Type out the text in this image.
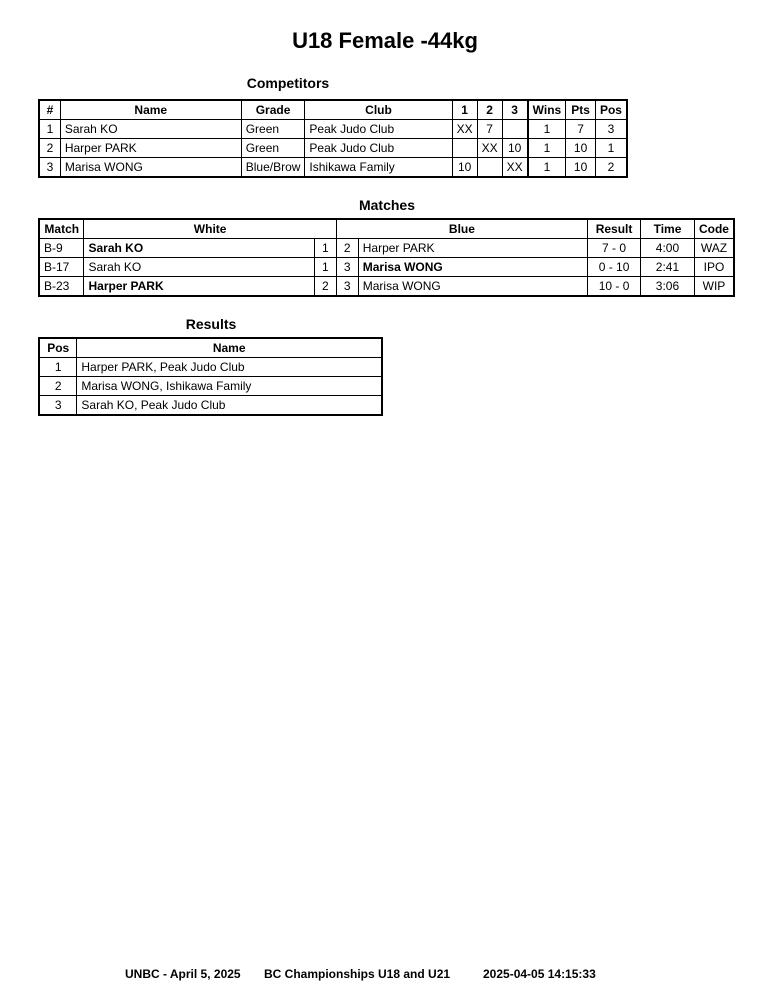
U18 Female -44kg
Competitors
#	Name	Grade	Club	1	2	3	Wins	Pts	Pos
1	Sarah KO	Green	Peak Judo Club	XX	7		1	7	3
2	Harper PARK	Green	Peak Judo Club		XX	10	1	10	1
3	Marisa WONG	Blue/Brow	Ishikawa Family	10		XX	1	10	2
Matches
Match	White		Blue		Result	Time	Code
B-9	Sarah KO	1	2	Harper PARK	7 - 0	4:00	WAZ
B-17	Sarah KO	1	3	Marisa WONG	0 - 10	2:41	IPO
B-23	Harper PARK	2	3	Marisa WONG	10 - 0	3:06	WIP
Results
Pos	Name
1	Harper PARK, Peak Judo Club
2	Marisa WONG, Ishikawa Family
3	Sarah KO, Peak Judo Club
UNBC - April 5, 2025 BC Championships U18 and U21	2025-04-05 14:15:33
